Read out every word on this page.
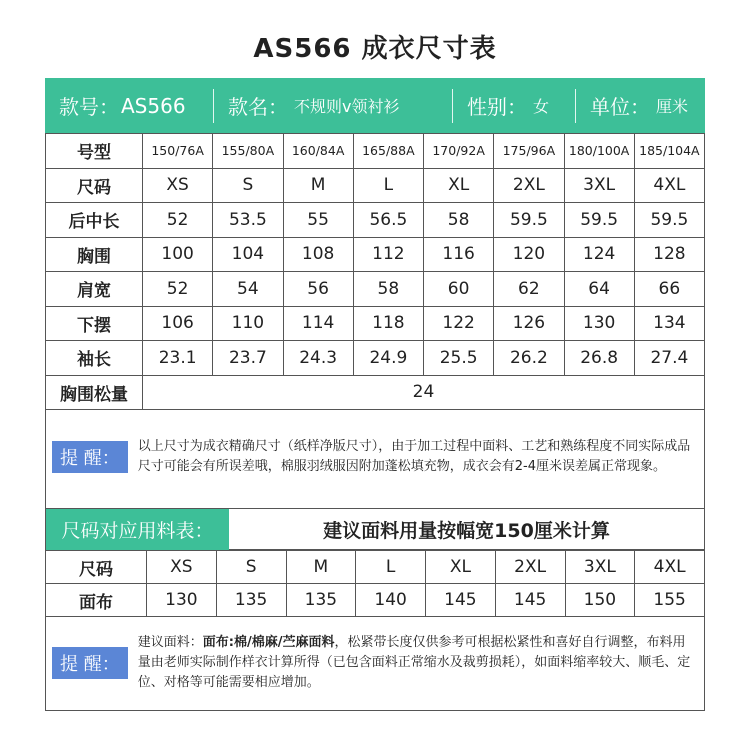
AS566 成衣尺寸表
款号： AS566 款名： 不规则v领衬衫	性别： 女 单位： 厘米
号型	150/76A	155/80A	160/84A	165/88A	170/92A	175/96A	180/100A	185/104A
尺码	XS	S	M	L	XL	2XL	3XL	4XL
后中长	52	53.5	55	56.5	58	59.5	59.5	59.5
胸围	100	104	108	112	116	120	124	128
肩宽	52	54	56	58	60	62	64	66
下摆	106	110	114	118	122	126	130	134
袖长	23.1	23.7	24.3	24.9	25.5	26.2	26.8	27.4
胸围松量	24							
提 醒：
以上尺寸为成衣精确尺寸（纸样净版尺寸），由于加工过程中面料、工艺和熟练程度不同实际成品尺寸可能会有所误差哦，棉服羽绒服因附加蓬松填充物，成衣会有2-4厘米误差属正常现象。
尺码对应用料表：	建议面料用量按幅宽150厘米计算
尺码	XS	S	M	L	XL	2XL	3XL	4XL
面布	130	135	135	140	145	145	150	155
提 醒：
建议面料：面布:棉/棉麻/苎麻面料，松紧带长度仅供参考可根据松紧性和喜好自行调整，布料用量由老师实际制作样衣计算所得（已包含面料正常缩水及裁剪损耗），如面料缩率较大、顺毛、定位、对格等可能需要相应增加。
